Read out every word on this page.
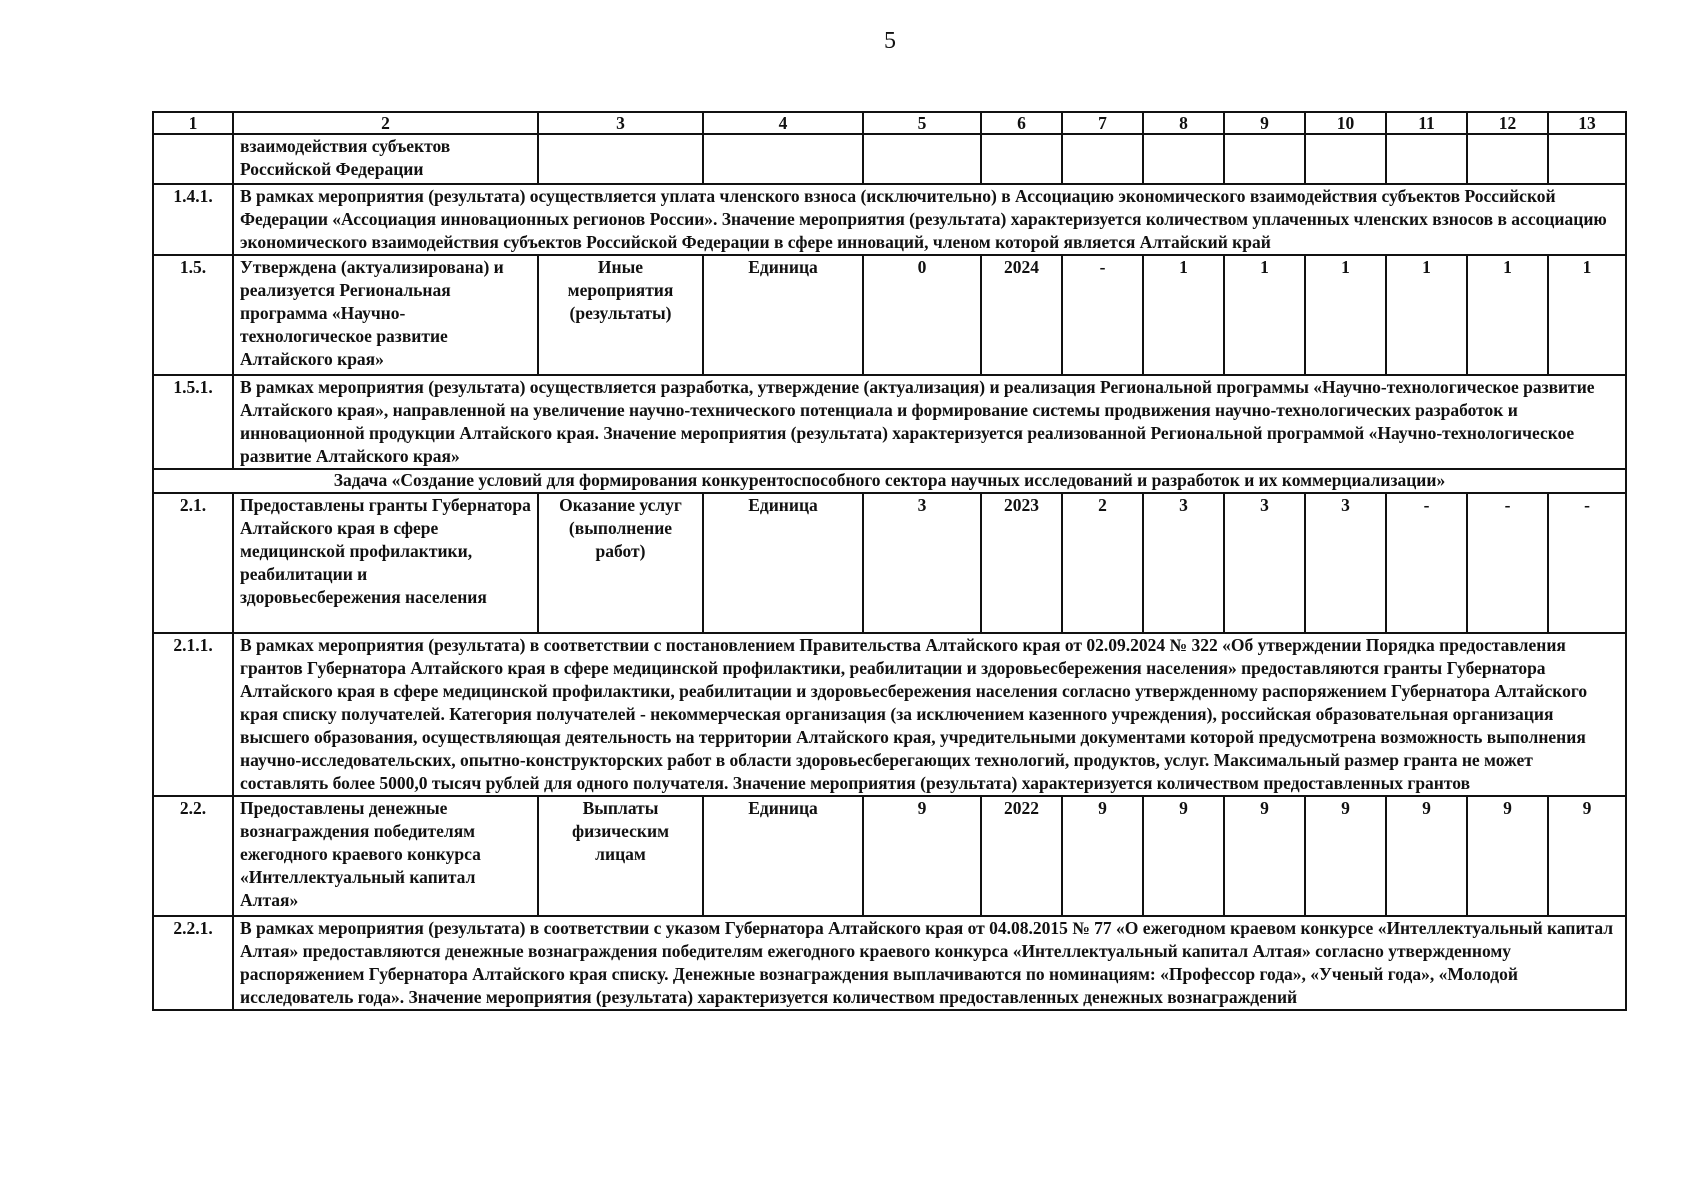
5
1	2	3	4	5	6	7	8	9	10	11	12	13
	взаимодействия субъектов Российской Федерации											
1.4.1.	В рамках мероприятия (результата) осуществляется уплата членского взноса (исключительно) в Ассоциацию экономического взаимодействия субъектов Российской Федерации «Ассоциация инновационных регионов России». Значение мероприятия (результата) характеризуется количеством уплаченных членских взносов в ассоциацию экономического взаимодействия субъектов Российской Федерации в сфере инноваций, членом которой является Алтайский край											
1.5.	Утверждена (актуализирована) и реализуется Региональная программа «Научно-технологическое развитие Алтайского края»	Иные мероприятия (результаты)	Единица	0	2024	-	1	1	1	1	1	1
1.5.1.	В рамках мероприятия (результата) осуществляется разработка, утверждение (актуализация) и реализация Региональной программы «Научно-технологическое развитие Алтайского края», направленной на увеличение научно-технического потенциала и формирование системы продвижения научно-технологических разработок и инновационной продукции Алтайского края. Значение мероприятия (результата) характеризуется реализованной Региональной программой «Научно-технологическое развитие Алтайского края»											
Задача «Создание условий для формирования конкурентоспособного сектора научных исследований и разработок и их коммерциализации»												
2.1.	Предоставлены гранты Губернатора Алтайского края в сфере медицинской профилактики, реабилитации и здоровьесбережения населения	Оказание услуг (выполнение работ)	Единица	3	2023	2	3	3	3	-	-	-
2.1.1.	В рамках мероприятия (результата) в соответствии с постановлением Правительства Алтайского края от 02.09.2024 № 322 «Об утверждении Порядка предоставления грантов Губернатора Алтайского края в сфере медицинской профилактики, реабилитации и здоровьесбережения населения» предоставляются гранты Губернатора Алтайского края в сфере медицинской профилактики, реабилитации и здоровьесбережения населения согласно утвержденному распоряжением Губернатора Алтайского края списку получателей. Категория получателей - некоммерческая организация (за исключением казенного учреждения), российская образовательная организация высшего образования, осуществляющая деятельность на территории Алтайского края, учредительными документами которой предусмотрена возможность выполнения научно-исследовательских, опытно-конструкторских работ в области здоровьесберегающих технологий, продуктов, услуг. Максимальный размер гранта не может составлять более 5000,0 тысяч рублей для одного получателя. Значение мероприятия (результата) характеризуется количеством предоставленных грантов											
2.2.	Предоставлены денежные вознаграждения победителям ежегодного краевого конкурса «Интеллектуальный капитал Алтая»	Выплаты физическим лицам	Единица	9	2022	9	9	9	9	9	9	9
2.2.1.	В рамках мероприятия (результата) в соответствии с указом Губернатора Алтайского края от 04.08.2015 № 77 «О ежегодном краевом конкурсе «Интеллектуальный капитал Алтая» предоставляются денежные вознаграждения победителям ежегодного краевого конкурса «Интеллектуальный капитал Алтая» согласно утвержденному распоряжением Губернатора Алтайского края списку. Денежные вознаграждения выплачиваются по номинациям: «Профессор года», «Ученый года», «Молодой исследователь года». Значение мероприятия (результата) характеризуется количеством предоставленных денежных вознаграждений											
